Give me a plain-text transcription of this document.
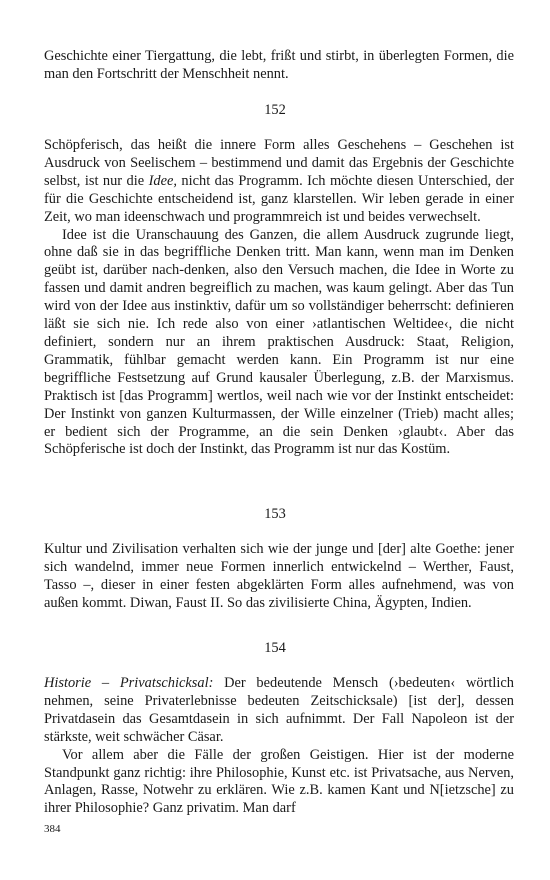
Geschichte einer Tiergattung, die lebt, frißt und stirbt, in überlegten Formen, die man den Fortschritt der Menschheit nennt.

152

Schöpferisch, das heißt die innere Form alles Geschehens – Geschehen ist Ausdruck von Seelischem – bestimmend und damit das Ergebnis der Geschichte selbst, ist nur die Idee, nicht das Programm. Ich möchte diesen Unterschied, der für die Geschichte entscheidend ist, ganz klarstellen. Wir leben gerade in einer Zeit, wo man ideenschwach und programmreich ist und beides verwechselt.

Idee ist die Uranschauung des Ganzen, die allem Ausdruck zugrunde liegt, ohne daß sie in das begriffliche Denken tritt. Man kann, wenn man im Denken geübt ist, darüber nach-denken, also den Versuch machen, die Idee in Worte zu fassen und damit andren begreiflich zu machen, was kaum gelingt. Aber das Tun wird von der Idee aus instinktiv, dafür um so vollständiger beherrscht: definieren läßt sie sich nie. Ich rede also von einer ›atlantischen Weltidee‹, die nicht definiert, sondern nur an ihrem praktischen Ausdruck: Staat, Religion, Grammatik, fühlbar gemacht werden kann. Ein Programm ist nur eine begriffliche Festsetzung auf Grund kausaler Überlegung, z.B. der Marxismus. Praktisch ist [das Programm] wertlos, weil nach wie vor der Instinkt entscheidet: Der Instinkt von ganzen Kulturmassen, der Wille einzelner (Trieb) macht alles; er bedient sich der Programme, an die sein Denken ›glaubt‹. Aber das Schöpferische ist doch der Instinkt, das Programm ist nur das Kostüm.

153

Kultur und Zivilisation verhalten sich wie der junge und [der] alte Goethe: jener sich wandelnd, immer neue Formen innerlich entwickelnd – Werther, Faust, Tasso –, dieser in einer festen abgeklärten Form alles aufnehmend, was von außen kommt. Diwan, Faust II. So das zivilisierte China, Ägypten, Indien.

154

Historie – Privatschicksal: Der bedeutende Mensch (›bedeuten‹ wörtlich nehmen, seine Privaterlebnisse bedeuten Zeitschicksale) [ist der], dessen Privatdasein das Gesamtdasein in sich aufnimmt. Der Fall Napoleon ist der stärkste, weit schwächer Cäsar.

Vor allem aber die Fälle der großen Geistigen. Hier ist der moderne Standpunkt ganz richtig: ihre Philosophie, Kunst etc. ist Privatsache, aus Nerven, Anlagen, Rasse, Notwehr zu erklären. Wie z.B. kamen Kant und N[ietzsche] zu ihrer Philosophie? Ganz privatim. Man darf

384
